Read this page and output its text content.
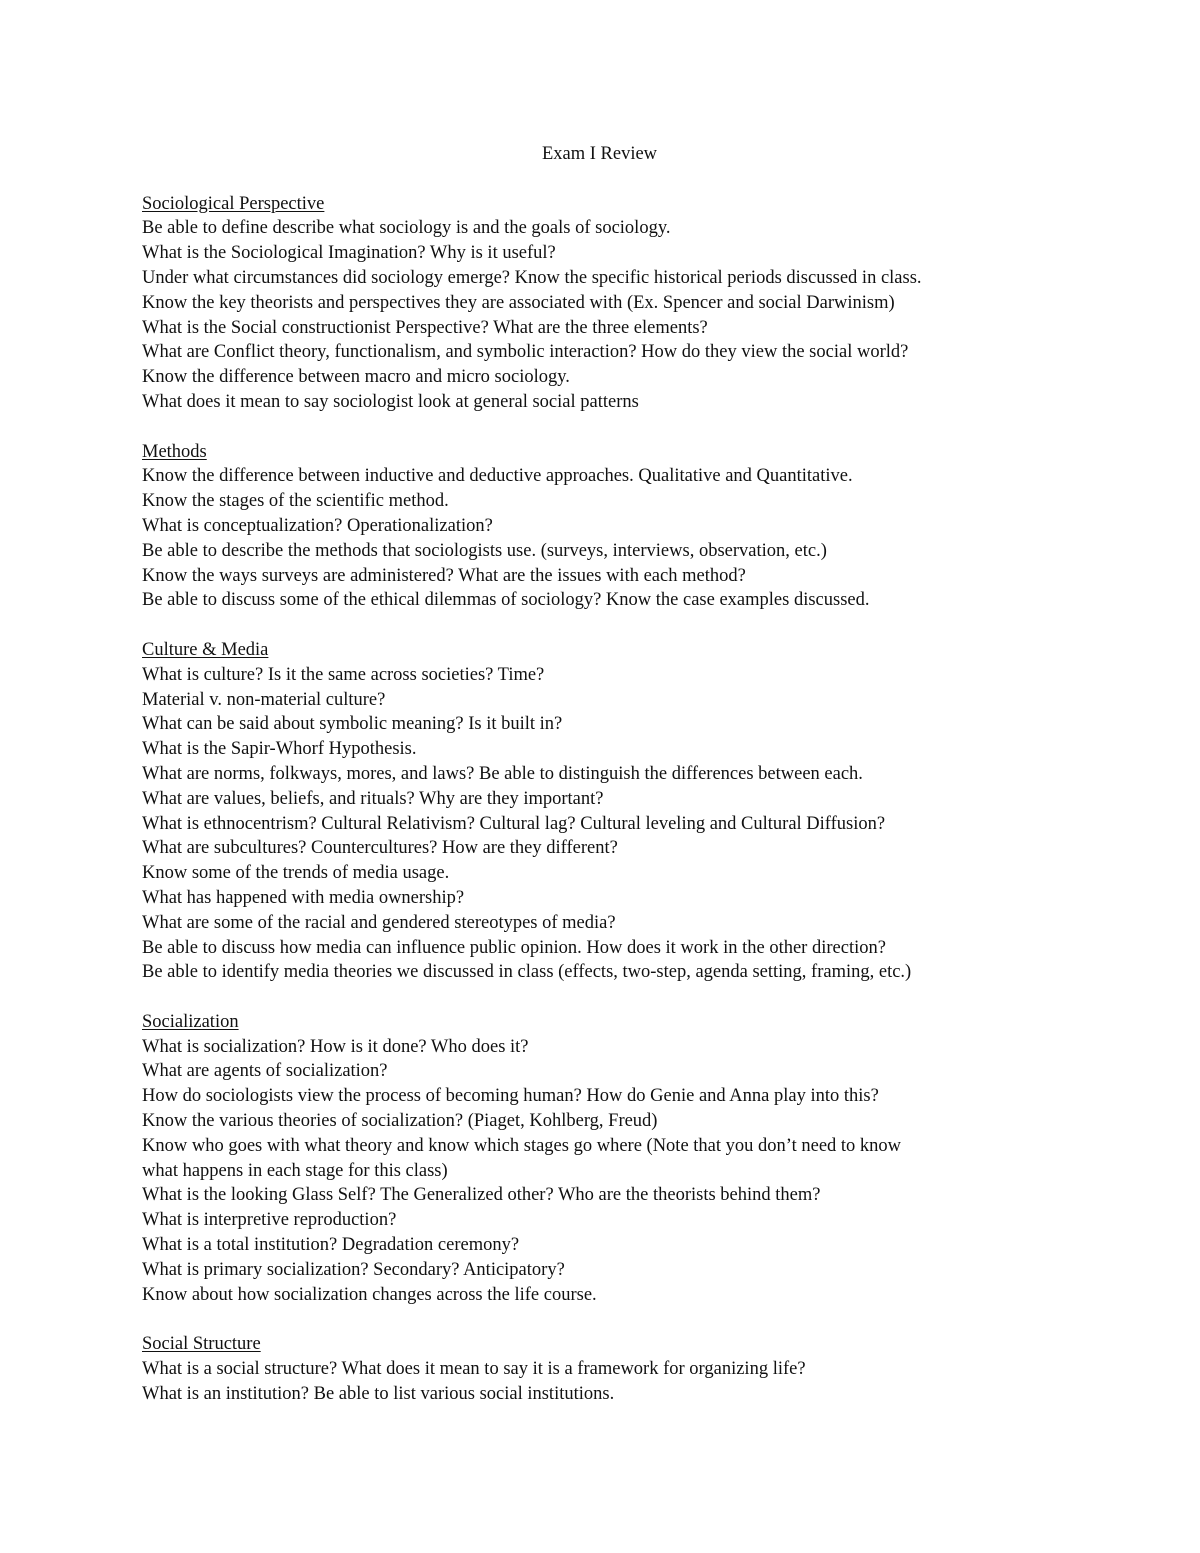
Exam I Review
Sociological Perspective
Be able to define describe what sociology is and the goals of sociology.
What is the Sociological Imagination? Why is it useful?
Under what circumstances did sociology emerge? Know the specific historical periods discussed in class.
Know the key theorists and perspectives they are associated with (Ex. Spencer and social Darwinism)
What is the Social constructionist Perspective? What are the three elements?
What are Conflict theory, functionalism, and symbolic interaction? How do they view the social world?
Know the difference between macro and micro sociology.
What does it mean to say sociologist look at general social patterns
Methods
Know the difference between inductive and deductive approaches. Qualitative and Quantitative.
Know the stages of the scientific method.
What is conceptualization? Operationalization?
Be able to describe the methods that sociologists use. (surveys, interviews, observation, etc.)
Know the ways surveys are administered? What are the issues with each method?
Be able to discuss some of the ethical dilemmas of sociology? Know the case examples discussed.
Culture & Media
What is culture? Is it the same across societies? Time?
Material v. non-material culture?
What can be said about symbolic meaning? Is it built in?
What is the Sapir-Whorf Hypothesis.
What are norms, folkways, mores, and laws? Be able to distinguish the differences between each.
What are values, beliefs, and rituals? Why are they important?
What is ethnocentrism? Cultural Relativism? Cultural lag? Cultural leveling and Cultural Diffusion?
What are subcultures? Countercultures? How are they different?
Know some of the trends of media usage.
What has happened with media ownership?
What are some of the racial and gendered stereotypes of media?
Be able to discuss how media can influence public opinion. How does it work in the other direction?
Be able to identify media theories we discussed in class (effects, two-step, agenda setting, framing, etc.)
Socialization
What is socialization? How is it done? Who does it?
What are agents of socialization?
How do sociologists view the process of becoming human? How do Genie and Anna play into this?
Know the various theories of socialization? (Piaget, Kohlberg, Freud)
Know who goes with what theory and know which stages go where (Note that you don’t need to know
what happens in each stage for this class)
What is the looking Glass Self? The Generalized other? Who are the theorists behind them?
What is interpretive reproduction?
What is a total institution? Degradation ceremony?
What is primary socialization? Secondary? Anticipatory?
Know about how socialization changes across the life course.
Social Structure
What is a social structure? What does it mean to say it is a framework for organizing life?
What is an institution? Be able to list various social institutions.
